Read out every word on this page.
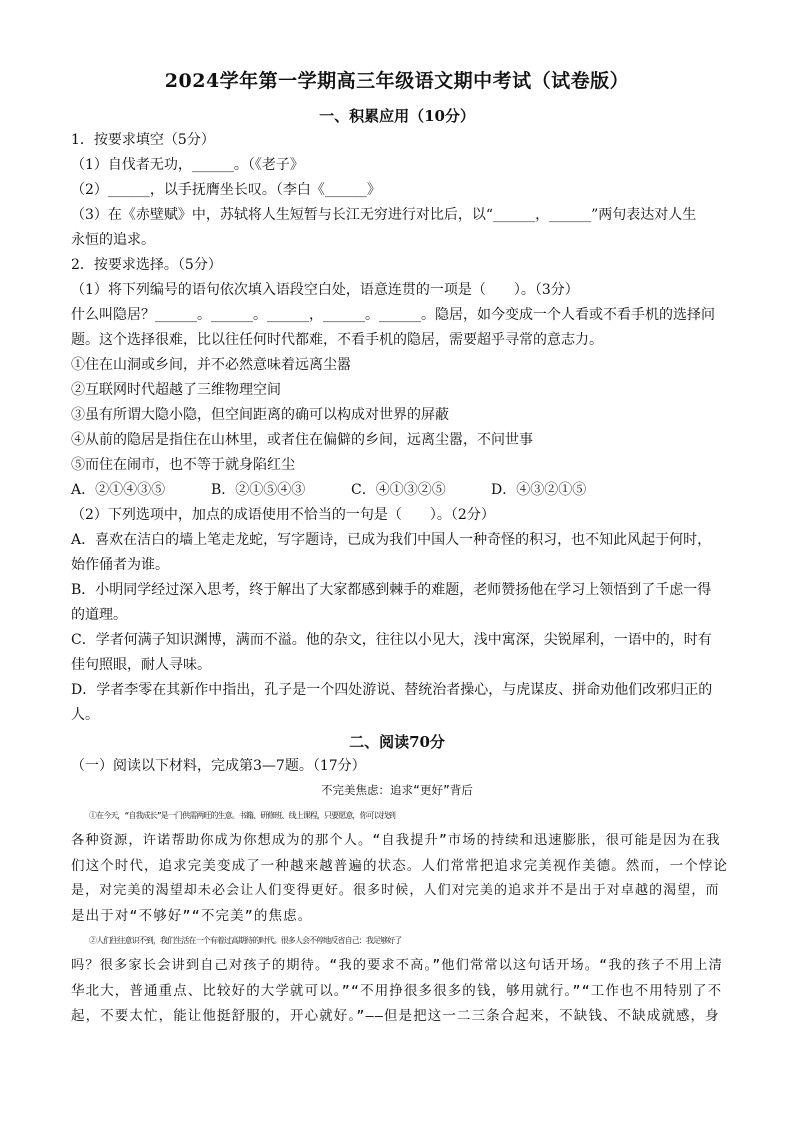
2024学年第一学期高三年级语文期中考试（试卷版）
一、积累应用（10分）
1．按要求填空（5分）
（1）自伐者无功，______。（《老子》
（2）______，以手抚膺坐长叹。（李白《______》
（3）在《赤壁赋》中，苏轼将人生短暂与长江无穷进行对比后，以“______，______”两句表达对人生
永恒的追求。
2．按要求选择。（5分）
（1）将下列编号的语句依次填入语段空白处，语意连贯的一项是（　　）。（3分）
什么叫隐居？______。______。______，______。______。隐居，如今变成一个人看或不看手机的选择问
题。这个选择很难，比以往任何时代都难，不看手机的隐居，需要超乎寻常的意志力。
①住在山洞或乡间，并不必然意味着远离尘嚣
②互联网时代超越了三维物理空间
③虽有所谓大隐小隐，但空间距离的确可以构成对世界的屏蔽
④从前的隐居是指住在山林里，或者住在偏僻的乡间，远离尘嚣，不问世事
⑤而住在闹市，也不等于就身陷红尘
A．②①④③⑤	B．②①⑤④③	C．④①③②⑤	D．④③②①⑤
（2）下列选项中，加点的成语使用不恰当的一句是（　　）。（2分）
A．喜欢在洁白的墙上笔走龙蛇，写字题诗，已成为我们中国人一种奇怪的积习，也不知此风起于何时，
始作俑者为谁。
B．小明同学经过深入思考，终于解出了大家都感到棘手的难题，老师赞扬他在学习上领悟到了千虑一得
的道理。
C．学者何满子知识渊博，满而不溢。他的杂文，往往以小见大，浅中寓深，尖锐犀利，一语中的，时有
佳句照眼，耐人寻味。
D．学者李零在其新作中指出，孔子是一个四处游说、替统治者操心，与虎谋皮、拼命劝他们改邪归正的
人。
二、阅读70分
（一）阅读以下材料，完成第3—7题。（17分）
不完美焦虑：追求“更好”背后
①在今天，“自我成长”是一门供需两旺的生意。书籍、研修班、线上课程，只要愿意，你可以找到
各种资源，许诺帮助你成为你想成为的那个人。“自我提升”市场的持续和迅速膨胀，很可能是因为在我
们这个时代，追求完美变成了一种越来越普遍的状态。人们常常把追求完美视作美德。然而，一个悖论
是，对完美的渴望却未必会让人们变得更好。很多时候，人们对完美的追求并不是出于对卓越的渴望，而
是出于对“不够好”“不完美”的焦虑。
②人们往往意识不到，我们生活在一个有着过高期待的时代。很多人会不停地反省自己：我足够好了
吗？很多家长会讲到自己对孩子的期待。“我的要求不高。”他们常常以这句话开场。“我的孩子不用上清
华北大，普通重点、比较好的大学就可以。”“不用挣很多很多的钱，够用就行。”“工作也不用特别了不
起，不要太忙，能让他挺舒服的，开心就好。”——但是把这一二三条合起来，不缺钱、不缺成就感，身
